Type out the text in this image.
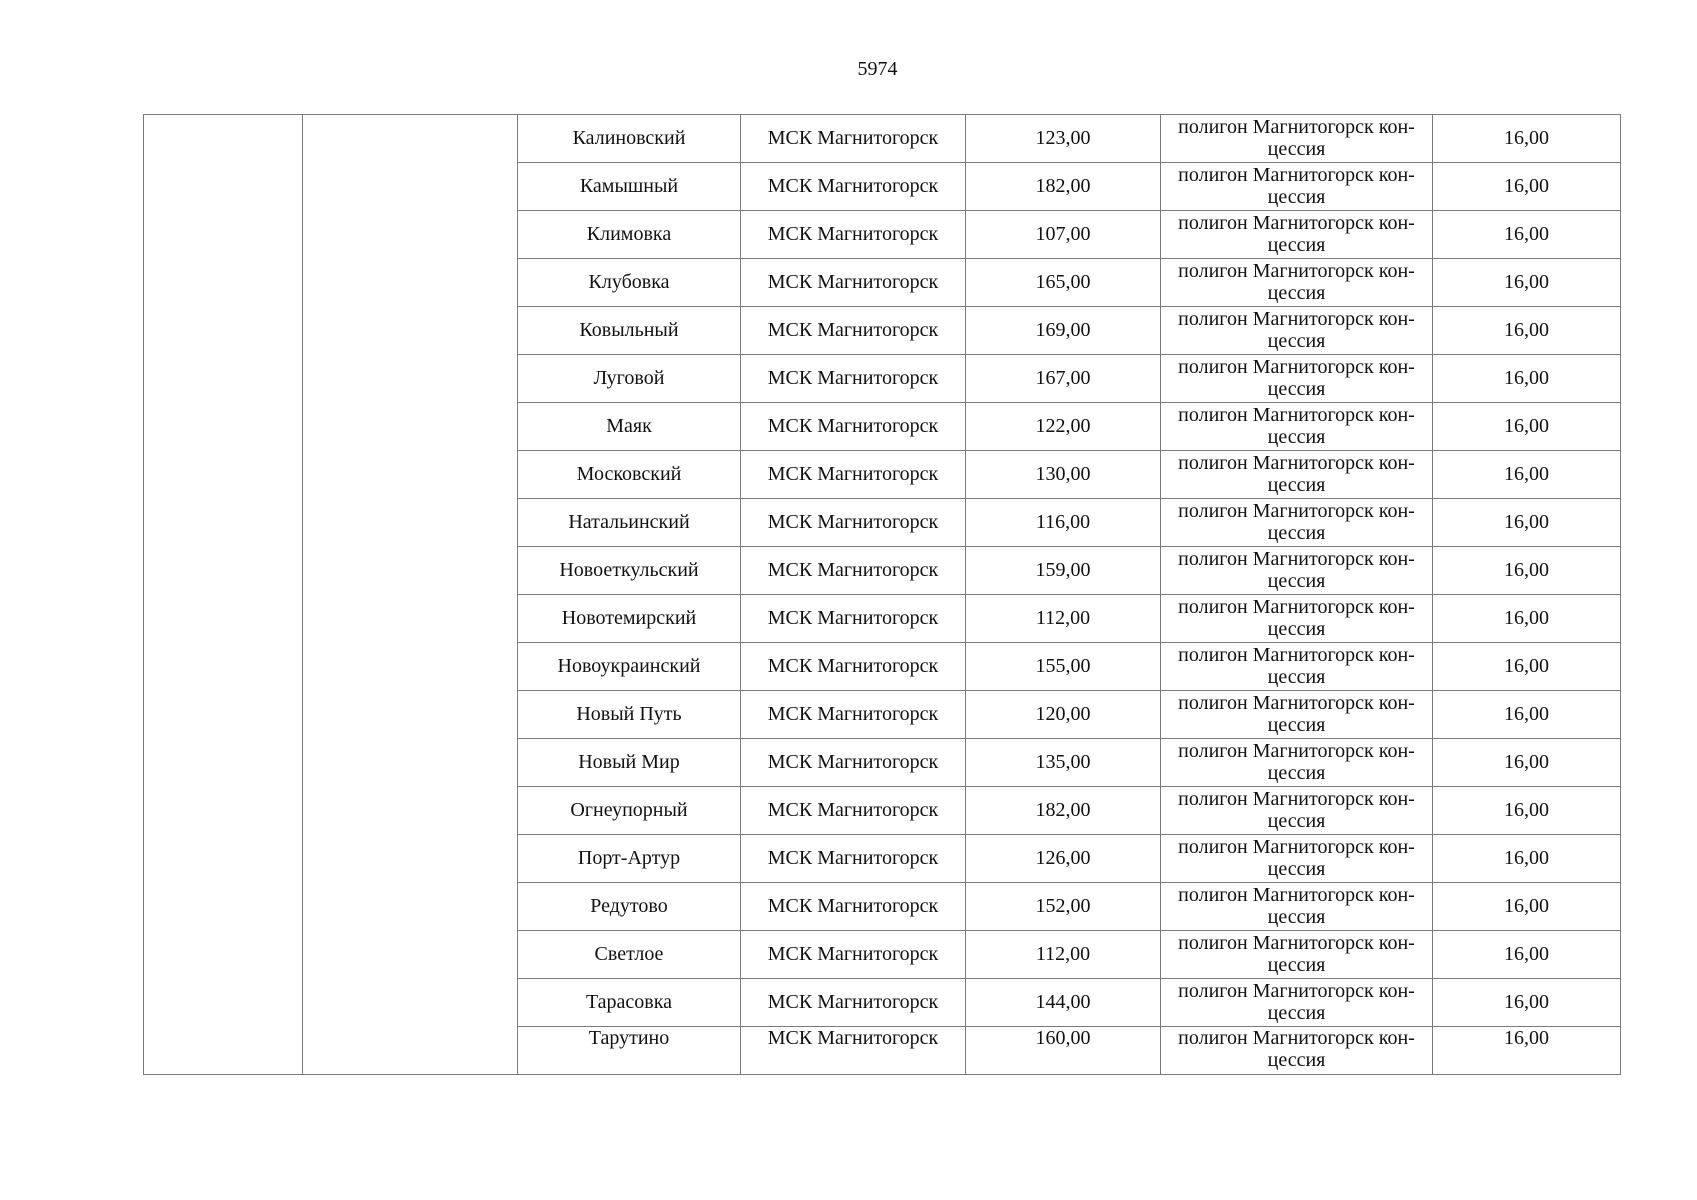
5974
		Калиновский	МСК Магнитогорск	123,00	полигон Магнитогорск кон-цессия	16,00
		Камышный	МСК Магнитогорск	182,00	полигон Магнитогорск кон-цессия	16,00
		Климовка	МСК Магнитогорск	107,00	полигон Магнитогорск кон-цессия	16,00
		Клубовка	МСК Магнитогорск	165,00	полигон Магнитогорск кон-цессия	16,00
		Ковыльный	МСК Магнитогорск	169,00	полигон Магнитогорск кон-цессия	16,00
		Луговой	МСК Магнитогорск	167,00	полигон Магнитогорск кон-цессия	16,00
		Маяк	МСК Магнитогорск	122,00	полигон Магнитогорск кон-цессия	16,00
		Московский	МСК Магнитогорск	130,00	полигон Магнитогорск кон-цессия	16,00
		Натальинский	МСК Магнитогорск	116,00	полигон Магнитогорск кон-цессия	16,00
		Новоеткульский	МСК Магнитогорск	159,00	полигон Магнитогорск кон-цессия	16,00
		Новотемирский	МСК Магнитогорск	112,00	полигон Магнитогорск кон-цессия	16,00
		Новоукраинский	МСК Магнитогорск	155,00	полигон Магнитогорск кон-цессия	16,00
		Новый Путь	МСК Магнитогорск	120,00	полигон Магнитогорск кон-цессия	16,00
		Новый Мир	МСК Магнитогорск	135,00	полигон Магнитогорск кон-цессия	16,00
		Огнеупорный	МСК Магнитогорск	182,00	полигон Магнитогорск кон-цессия	16,00
		Порт-Артур	МСК Магнитогорск	126,00	полигон Магнитогорск кон-цессия	16,00
		Редутово	МСК Магнитогорск	152,00	полигон Магнитогорск кон-цессия	16,00
		Светлое	МСК Магнитогорск	112,00	полигон Магнитогорск кон-цессия	16,00
		Тарасовка	МСК Магнитогорск	144,00	полигон Магнитогорск кон-цессия	16,00
		Тарутино	МСК Магнитогорск	160,00	полигон Магнитогорск кон-цессия	16,00
